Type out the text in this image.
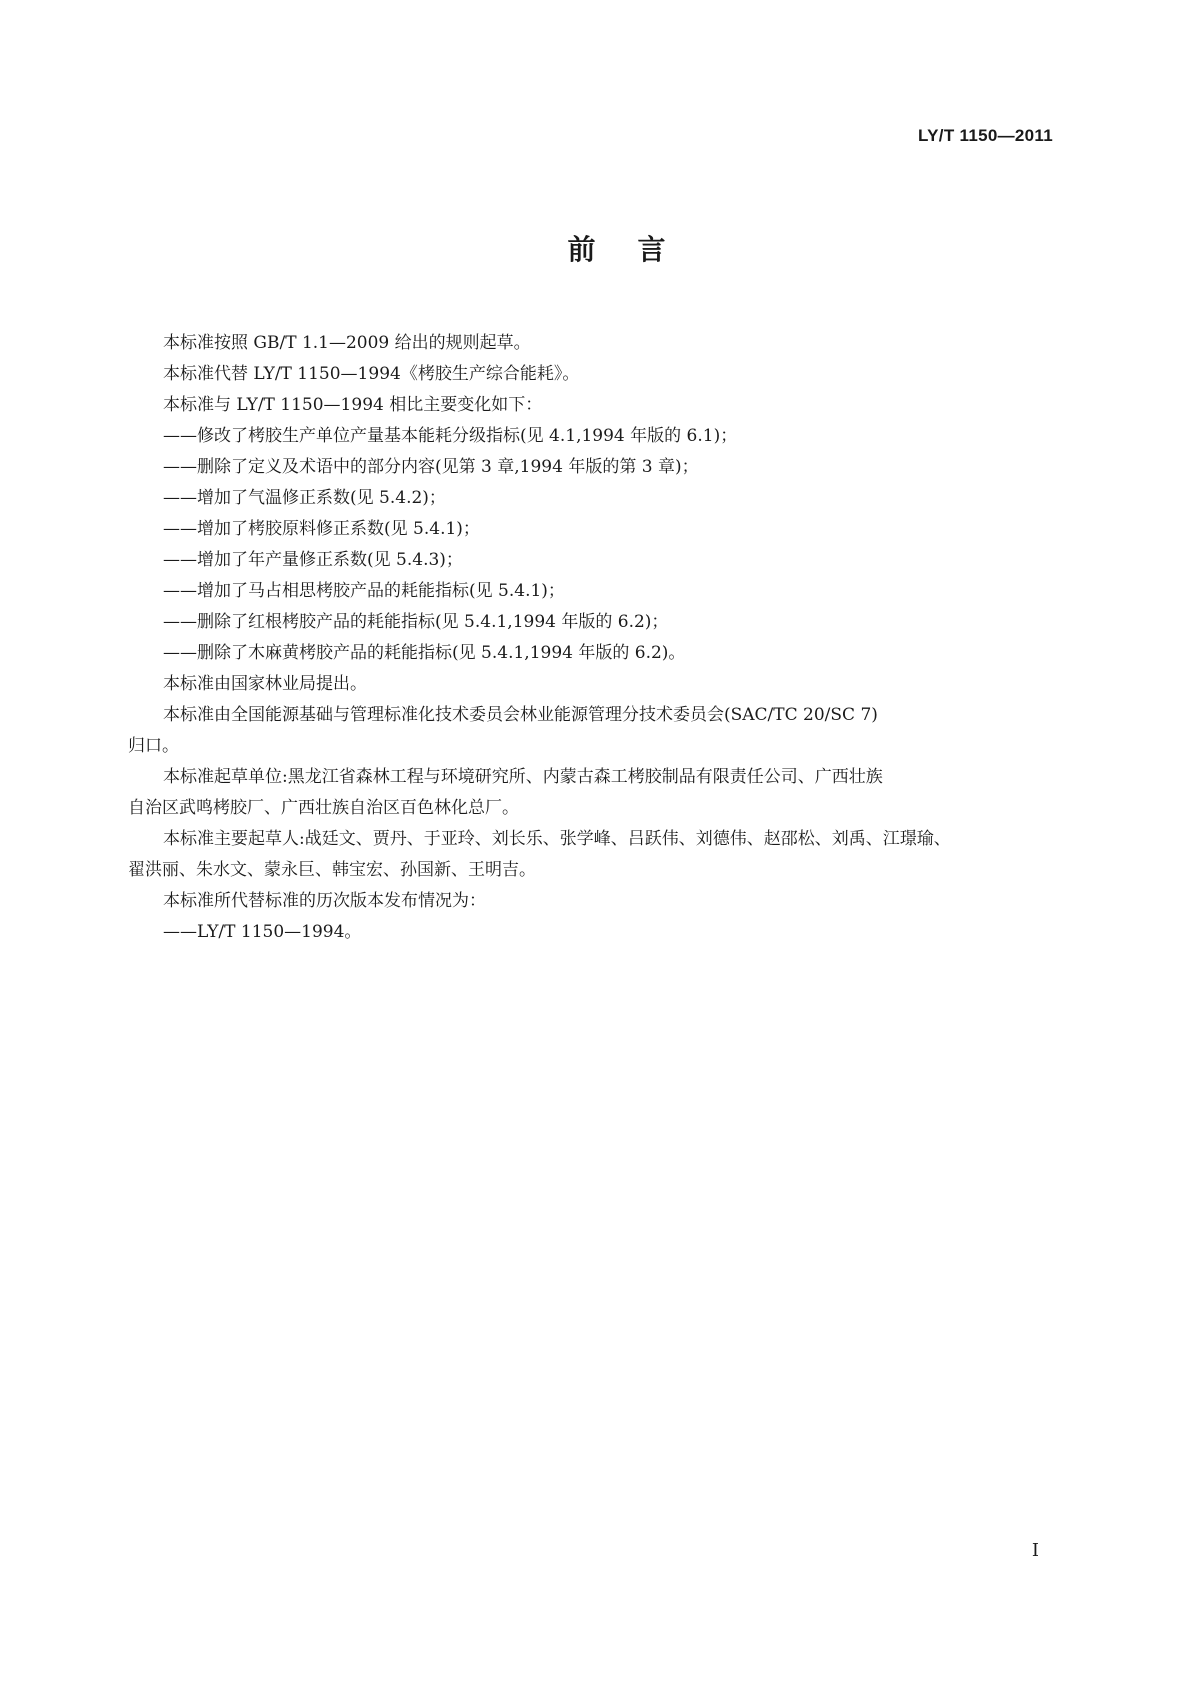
LY/T 1150—2011
前言
本标准按照 GB/T 1.1—2009 给出的规则起草。
本标准代替 LY/T 1150—1994《栲胶生产综合能耗》。
本标准与 LY/T 1150—1994 相比主要变化如下：
——修改了栲胶生产单位产量基本能耗分级指标(见 4.1,1994 年版的 6.1)；
——删除了定义及术语中的部分内容(见第 3 章,1994 年版的第 3 章)；
——增加了气温修正系数(见 5.4.2)；
——增加了栲胶原料修正系数(见 5.4.1)；
——增加了年产量修正系数(见 5.4.3)；
——增加了马占相思栲胶产品的耗能指标(见 5.4.1)；
——删除了红根栲胶产品的耗能指标(见 5.4.1,1994 年版的 6.2)；
——删除了木麻黄栲胶产品的耗能指标(见 5.4.1,1994 年版的 6.2)。
本标准由国家林业局提出。
本标准由全国能源基础与管理标准化技术委员会林业能源管理分技术委员会(SAC/TC 20/SC 7)
归口。
本标准起草单位:黑龙江省森林工程与环境研究所、内蒙古森工栲胶制品有限责任公司、广西壮族
自治区武鸣栲胶厂、广西壮族自治区百色林化总厂。
本标准主要起草人:战廷文、贾丹、于亚玲、刘长乐、张学峰、吕跃伟、刘德伟、赵邵松、刘禹、江璟瑜、
翟洪丽、朱水文、蒙永巨、韩宝宏、孙国新、王明吉。
本标准所代替标准的历次版本发布情况为：
——LY/T 1150—1994。
I
